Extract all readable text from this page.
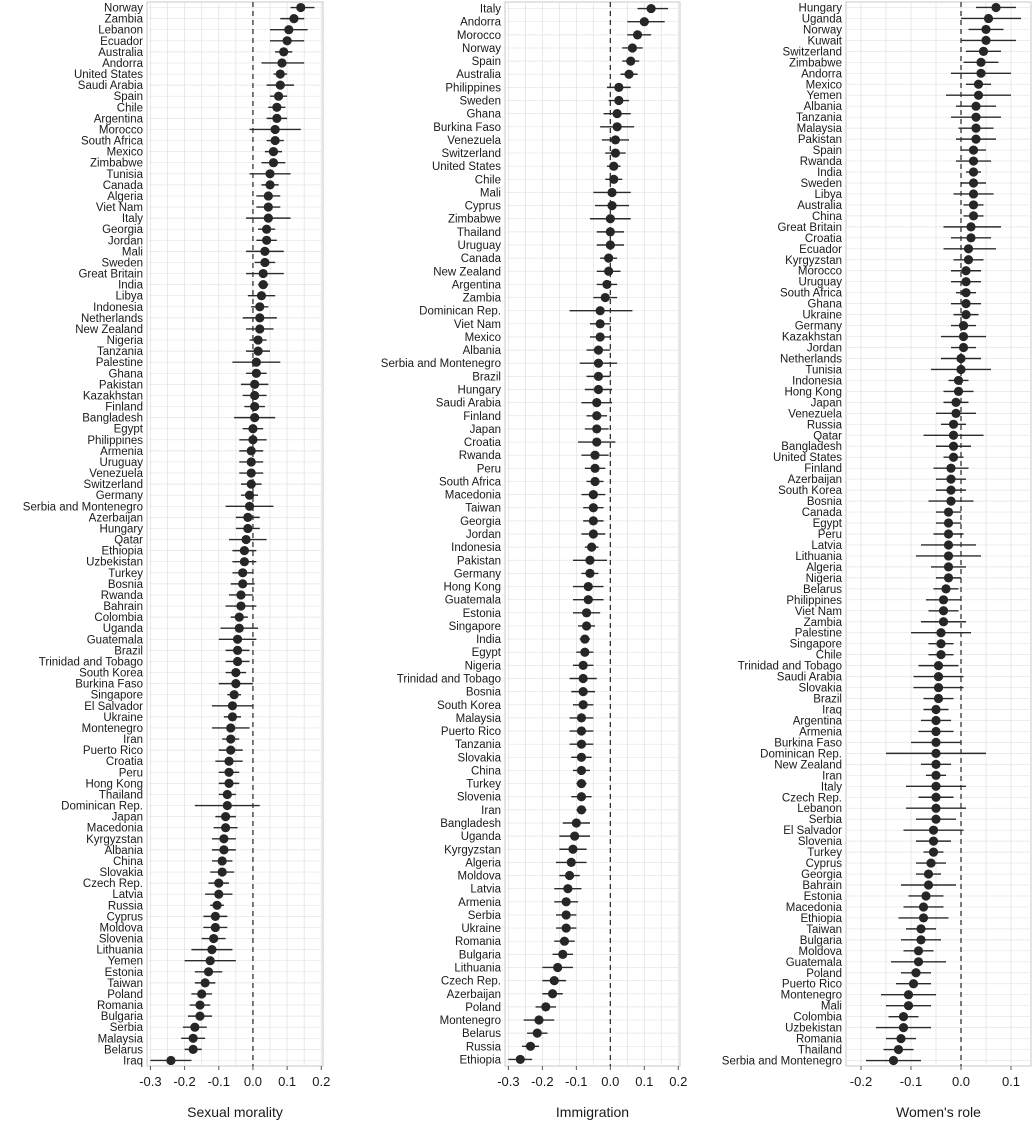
Norway
Zambia
Lebanon
Ecuador
Australia
Andorra
United States
Saudi Arabia
Spain
Chile
Argentina
Morocco
South Africa
Mexico
Zimbabwe
Tunisia
Canada
Algeria
Viet Nam
Italy
Georgia
Jordan
Mali
Sweden
Great Britain
India
Libya
Indonesia
Netherlands
New Zealand
Nigeria
Tanzania
Palestine
Ghana
Pakistan
Kazakhstan
Finland
Bangladesh
Egypt
Philippines
Armenia
Uruguay
Venezuela
Switzerland
Germany
Serbia and Montenegro
Azerbaijan
Hungary
Qatar
Ethiopia
Uzbekistan
Turkey
Bosnia
Rwanda
Bahrain
Colombia
Uganda
Guatemala
Brazil
Trinidad and Tobago
South Korea
Burkina Faso
Singapore
El Salvador
Ukraine
Montenegro
Iran
Puerto Rico
Croatia
Peru
Hong Kong
Thailand
Dominican Rep.
Japan
Macedonia
Kyrgyzstan
Albania
China
Slovakia
Czech Rep.
Latvia
Russia
Cyprus
Moldova
Slovenia
Lithuania
Yemen
Estonia
Taiwan
Poland
Romania
Bulgaria
Serbia
Malaysia
Belarus
Iraq
-0.3 -0.2 -0.1 0.0 0.1 0.2
Sexual morality
Italy
Andorra
Morocco
Norway
Spain
Australia
Philippines
Sweden
Ghana
Burkina Faso
Venezuela
Switzerland
United States
Chile
Mali
Cyprus
Zimbabwe
Thailand
Uruguay
Canada
New Zealand
Argentina
Zambia
Dominican Rep.
Viet Nam
Mexico
Albania
Serbia and Montenegro
Brazil
Hungary
Saudi Arabia
Finland
Japan
Croatia
Rwanda
Peru
South Africa
Macedonia
Taiwan
Georgia
Jordan
Indonesia
Pakistan
Germany
Hong Kong
Guatemala
Estonia
Singapore
India
Egypt
Nigeria
Trinidad and Tobago
Bosnia
South Korea
Malaysia
Puerto Rico
Tanzania
Slovakia
China
Turkey
Slovenia
Iran
Bangladesh
Uganda
Kyrgyzstan
Algeria
Moldova
Latvia
Armenia
Serbia
Ukraine
Romania
Bulgaria
Lithuania
Czech Rep.
Azerbaijan
Poland
Montenegro
Belarus
Russia
Ethiopia
-0.3 -0.2 -0.1 0.0 0.1 0.2
Immigration
Hungary
Uganda
Norway
Kuwait
Switzerland
Zimbabwe
Andorra
Mexico
Yemen
Albania
Tanzania
Malaysia
Pakistan
Spain
Rwanda
India
Sweden
Libya
Australia
China
Great Britain
Croatia
Ecuador
Kyrgyzstan
Morocco
Uruguay
South Africa
Ghana
Ukraine
Germany
Kazakhstan
Jordan
Netherlands
Tunisia
Indonesia
Hong Kong
Japan
Venezuela
Russia
Qatar
Bangladesh
United States
Finland
Azerbaijan
South Korea
Bosnia
Canada
Egypt
Peru
Latvia
Lithuania
Algeria
Nigeria
Belarus
Philippines
Viet Nam
Zambia
Palestine
Singapore
Chile
Trinidad and Tobago
Saudi Arabia
Slovakia
Brazil
Iraq
Argentina
Armenia
Burkina Faso
Dominican Rep.
New Zealand
Iran
Italy
Czech Rep.
Lebanon
Serbia
El Salvador
Slovenia
Turkey
Cyprus
Georgia
Bahrain
Estonia
Macedonia
Ethiopia
Taiwan
Bulgaria
Moldova
Guatemala
Poland
Puerto Rico
Montenegro
Mali
Colombia
Uzbekistan
Romania
Thailand
Serbia and Montenegro
-0.2 -0.1 0.0 0.1
Women's role
